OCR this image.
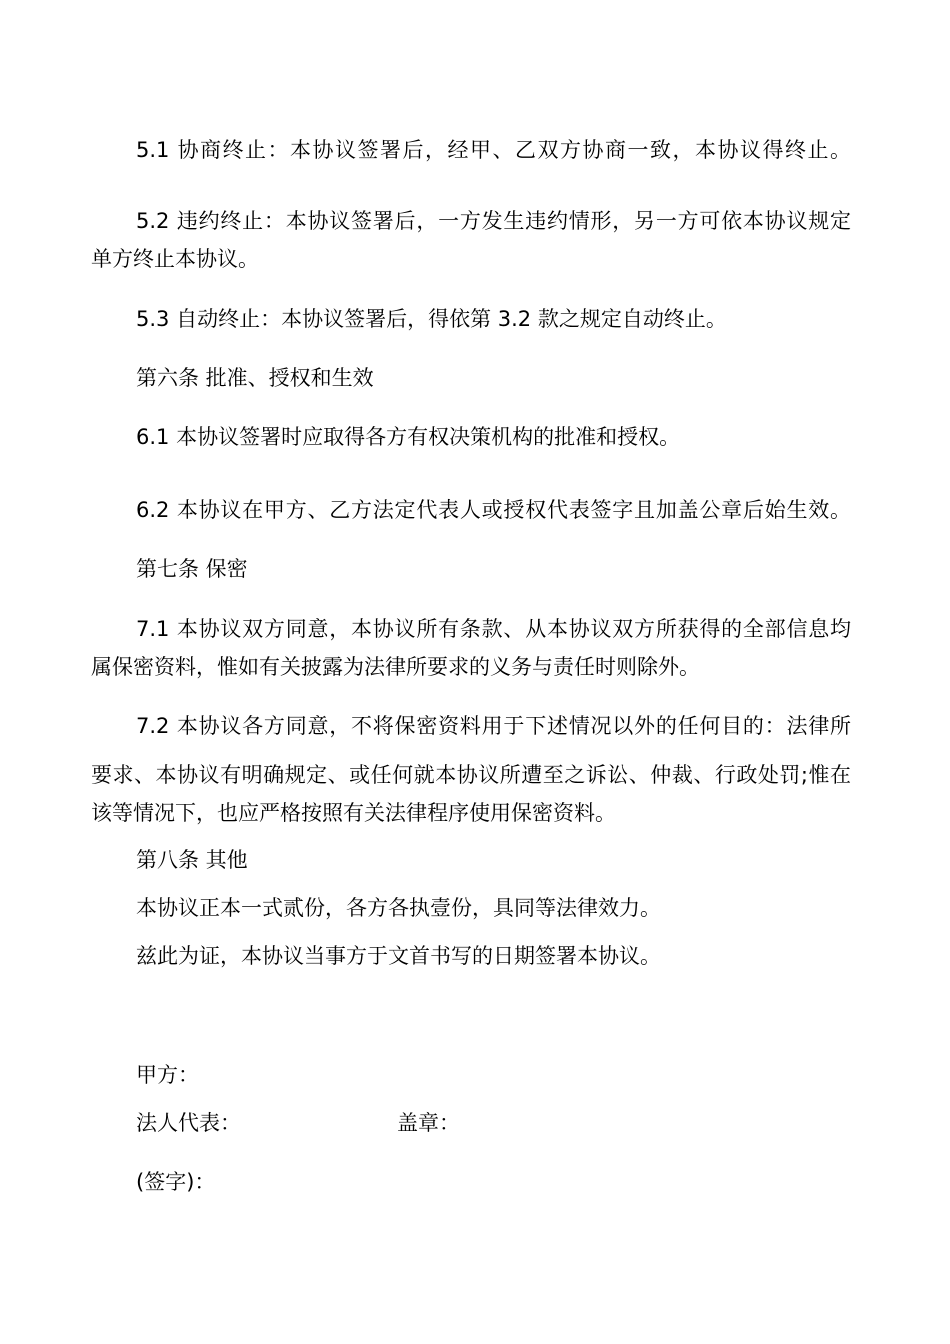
5.1 协商终止：本协议签署后，经甲、乙双方协商一致，本协议得终止。
5.2 违约终止：本协议签署后，一方发生违约情形，另一方可依本协议规定
单方终止本协议。
5.3 自动终止：本协议签署后，得依第 3.2 款之规定自动终止。
第六条 批准、授权和生效
6.1 本协议签署时应取得各方有权决策机构的批准和授权。
6.2 本协议在甲方、乙方法定代表人或授权代表签字且加盖公章后始生效。
第七条 保密
7.1 本协议双方同意，本协议所有条款、从本协议双方所获得的全部信息均
属保密资料，惟如有关披露为法律所要求的义务与责任时则除外。
7.2 本协议各方同意，不将保密资料用于下述情况以外的任何目的：法律所
要求、本协议有明确规定、或任何就本协议所遭至之诉讼、仲裁、行政处罚;惟在
该等情况下，也应严格按照有关法律程序使用保密资料。
第八条 其他
本协议正本一式贰份，各方各执壹份，具同等法律效力。
兹此为证，本协议当事方于文首书写的日期签署本协议。
甲方：
法人代表：	盖章：
(签字)：
